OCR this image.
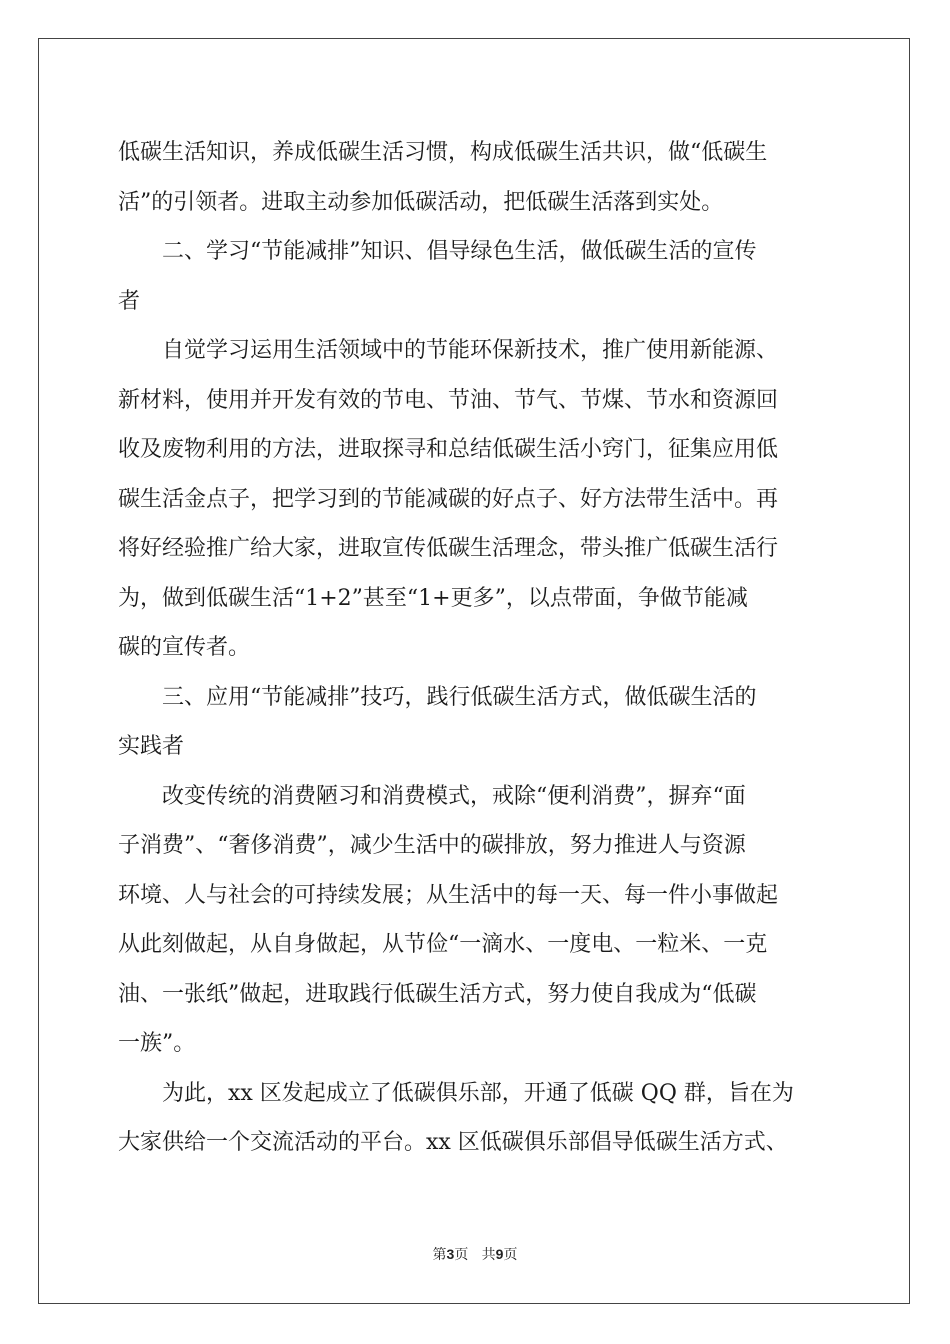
低碳生活知识，养成低碳生活习惯，构成低碳生活共识，做“低碳生
活”的引领者。进取主动参加低碳活动，把低碳生活落到实处。
二、学习“节能减排”知识、倡导绿色生活，做低碳生活的宣传
者
自觉学习运用生活领域中的节能环保新技术，推广使用新能源、
新材料，使用并开发有效的节电、节油、节气、节煤、节水和资源回
收及废物利用的方法，进取探寻和总结低碳生活小窍门，征集应用低
碳生活金点子，把学习到的节能减碳的好点子、好方法带生活中。再
将好经验推广给大家，进取宣传低碳生活理念，带头推广低碳生活行
为，做到低碳生活“1+2”甚至“1+更多”，以点带面，争做节能减
碳的宣传者。
三、应用“节能减排”技巧，践行低碳生活方式，做低碳生活的
实践者
改变传统的消费陋习和消费模式，戒除“便利消费”，摒弃“面
子消费”、“奢侈消费”，减少生活中的碳排放，努力推进人与资源
环境、人与社会的可持续发展；从生活中的每一天、每一件小事做起
从此刻做起，从自身做起，从节俭“一滴水、一度电、一粒米、一克
油、一张纸”做起，进取践行低碳生活方式，努力使自我成为“低碳
一族”。
为此，xx 区发起成立了低碳俱乐部，开通了低碳 QQ 群，旨在为
大家供给一个交流活动的平台。xx 区低碳俱乐部倡导低碳生活方式、
第3页 共9页
